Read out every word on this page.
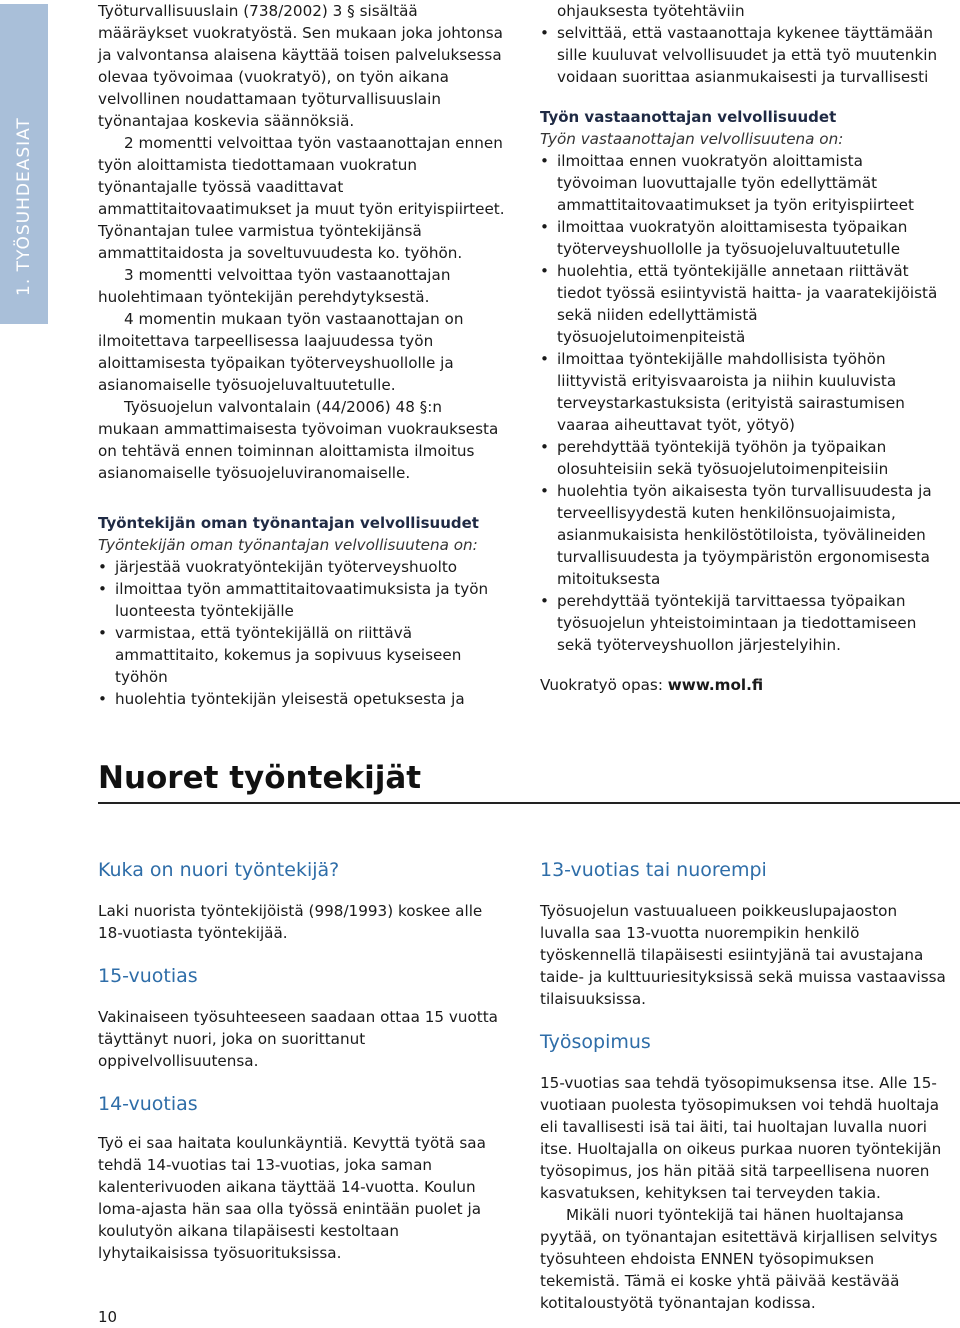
1. TYÖSUHDEASIAT

Työturvallisuuslain (738/2002) 3 § sisältää määräykset vuokratyöstä. Sen mukaan joka johtonsa ja valvontansa alaisena käyttää toisen palveluksessa olevaa työvoimaa (vuokratyö), on työn aikana velvollinen noudattamaan työturvallisuuslain työnantajaa koskevia säännöksiä.

2 momentti velvoittaa työn vastaanottajan ennen työn aloittamista tiedottamaan vuokratun työnantajalle työssä vaadittavat ammattitaitovaatimukset ja muut työn erityispiirteet. Työnantajan tulee varmistua työntekijänsä ammattitaidosta ja soveltuvuudesta ko. työhön.

3 momentti velvoittaa työn vastaanottajan huolehtimaan työntekijän perehdytyksestä.

4 momentin mukaan työn vastaanottajan on ilmoitettava tarpeellisessa laajuudessa työn aloittamisesta työpaikan työterveyshuollolle ja asianomaiselle työsuojeluvaltuutetulle.

Työsuojelun valvontalain (44/2006) 48 §:n mukaan ammattimaisesta työvoiman vuokrauksesta on tehtävä ennen toiminnan aloittamista ilmoitus asianomaiselle työsuojeluviranomaiselle.

Työntekijän oman työnantajan velvollisuudet

Työntekijän oman työnantajan velvollisuutena on:

• järjestää vuokratyöntekijän työterveyshuolto
• ilmoittaa työn ammattitaitovaatimuksista ja työn luonteesta työntekijälle
• varmistaa, että työntekijällä on riittävä ammattitaito, kokemus ja sopivuus kyseiseen työhön
• huolehtia työntekijän yleisestä opetuksesta ja

ohjauksesta työtehtäviin

• selvittää, että vastaanottaja kykenee täyttämään sille kuuluvat velvollisuudet ja että työ muutenkin voidaan suorittaa asianmukaisesti ja turvallisesti

Työn vastaanottajan velvollisuudet

Työn vastaanottajan velvollisuutena on:

• ilmoittaa ennen vuokratyön aloittamista työvoiman luovuttajalle työn edellyttämät ammattitaitovaatimukset ja työn erityispiirteet
• ilmoittaa vuokratyön aloittamisesta työpaikan työterveyshuollolle ja työsuojeluvaltuutetulle
• huolehtia, että työntekijälle annetaan riittävät tiedot työssä esiintyvistä haitta- ja vaaratekijöistä sekä niiden edellyttämistä työsuojelutoimenpiteistä
• ilmoittaa työntekijälle mahdollisista työhön liittyvistä erityisvaaroista ja niihin kuuluvista terveystarkastuksista (erityistä sairastumisen vaaraa aiheuttavat työt, yötyö)
• perehdyttää työntekijä työhön ja työpaikan olosuhteisiin sekä työsuojelutoimenpiteisiin
• huolehtia työn aikaisesta työn turvallisuudesta ja terveellisyydestä kuten henkilönsuojaimista, asianmukaisista henkilöstötiloista, työvälineiden turvallisuudesta ja työympäristön ergonomisesta mitoituksesta
• perehdyttää työntekijä tarvittaessa työpaikan työsuojelun yhteistoimintaan ja tiedottamiseen sekä työterveyshuollon järjestelyihin.

Vuokratyö opas: www.mol.fi

Nuoret työntekijät
Kuka on nuori työntekijä?

Laki nuorista työntekijöistä (998/1993) koskee alle 18-vuotiasta työntekijää.

15-vuotias

Vakinaiseen työsuhteeseen saadaan ottaa 15 vuotta täyttänyt nuori, joka on suorittanut oppivelvollisuutensa.

14-vuotias

Työ ei saa haitata koulunkäyntiä. Kevyttä työtä saa tehdä 14-vuotias tai 13-vuotias, joka saman kalenterivuoden aikana täyttää 14-vuotta. Koulun loma-ajasta hän saa olla työssä enintään puolet ja koulutyön aikana tilapäisesti kestoltaan lyhytaikaisissa työsuorituksissa.

13-vuotias tai nuorempi

Työsuojelun vastuualueen poikkeuslupajaoston luvalla saa 13-vuotta nuorempikin henkilö työskennellä tilapäisesti esiintyjänä tai avustajana taide- ja kulttuuriesityksissä sekä muissa vastaavissa tilaisuuksissa.

Työsopimus

15-vuotias saa tehdä työsopimuksensa itse. Alle 15-vuotiaan puolesta työsopimuksen voi tehdä huoltaja eli tavallisesti isä tai äiti, tai huoltajan luvalla nuori itse. Huoltajalla on oikeus purkaa nuoren työntekijän työsopimus, jos hän pitää sitä tarpeellisena nuoren kasvatuksen, kehityksen tai terveyden takia.

Mikäli nuori työntekijä tai hänen huoltajansa pyytää, on työnantajan esitettävä kirjallisen selvitys työsuhteen ehdoista ENNEN työsopimuksen tekemistä. Tämä ei koske yhtä päivää kestävää kotitaloustyötä työnantajan kodissa.

10
